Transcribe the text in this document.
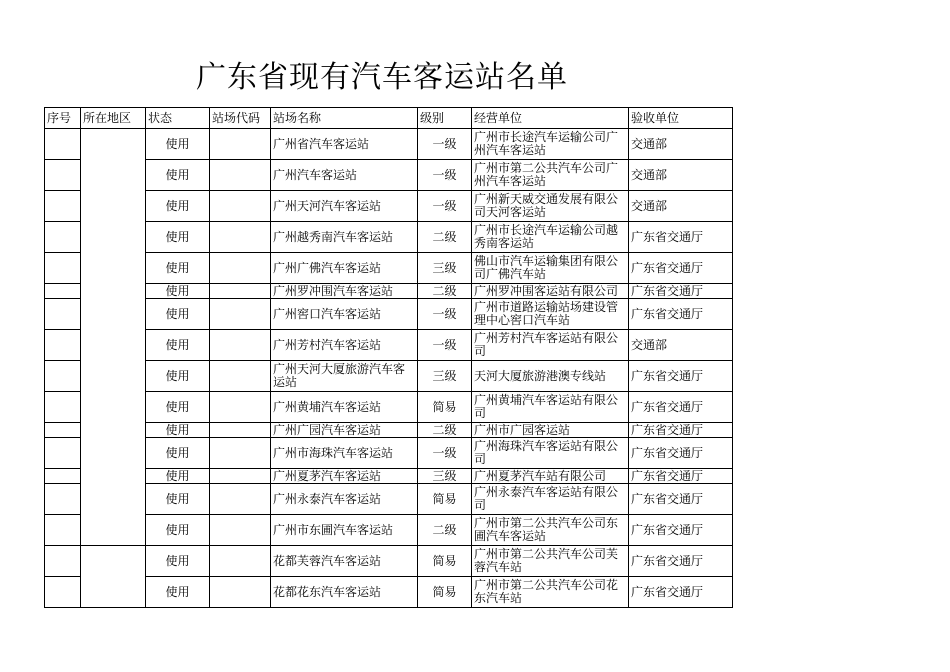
广东省现有汽车客运站名单
序号	所在地区	状态	站场代码	站场名称	级别	经营单位	验收单位
		使用		广州省汽车客运站	一级	广州市长途汽车运输公司广州汽车客运站	交通部
		使用		广州汽车客运站	一级	广州市第二公共汽车公司广州汽车客运站	交通部
		使用		广州天河汽车客运站	一级	广州新天威交通发展有限公司天河客运站	交通部
		使用		广州越秀南汽车客运站	二级	广州市长途汽车运输公司越秀南客运站	广东省交通厅
		使用		广州广佛汽车客运站	三级	佛山市汽车运输集团有限公司广佛汽车站	广东省交通厅
		使用		广州罗冲围汽车客运站	二级	广州罗冲围客运站有限公司	广东省交通厅
		使用		广州窖口汽车客运站	一级	广州市道路运输站场建设管理中心窖口汽车站	广东省交通厅
		使用		广州芳村汽车客运站	一级	广州芳村汽车客运站有限公司	交通部
		使用		广州天河大厦旅游汽车客运站	三级	天河大厦旅游港澳专线站	广东省交通厅
		使用		广州黄埔汽车客运站	简易	广州黄埔汽车客运站有限公司	广东省交通厅
		使用		广州广园汽车客运站	二级	广州市广园客运站	广东省交通厅
		使用		广州市海珠汽车客运站	一级	广州海珠汽车客运站有限公司	广东省交通厅
		使用		广州夏茅汽车客运站	三级	广州夏茅汽车站有限公司	广东省交通厅
		使用		广州永泰汽车客运站	简易	广州永泰汽车客运站有限公司	广东省交通厅
		使用		广州市东圃汽车客运站	二级	广州市第二公共汽车公司东圃汽车客运站	广东省交通厅
		使用		花都芙蓉汽车客运站	简易	广州市第二公共汽车公司芙蓉汽车站	广东省交通厅
		使用		花都花东汽车客运站	简易	广州市第二公共汽车公司花东汽车站	广东省交通厅
